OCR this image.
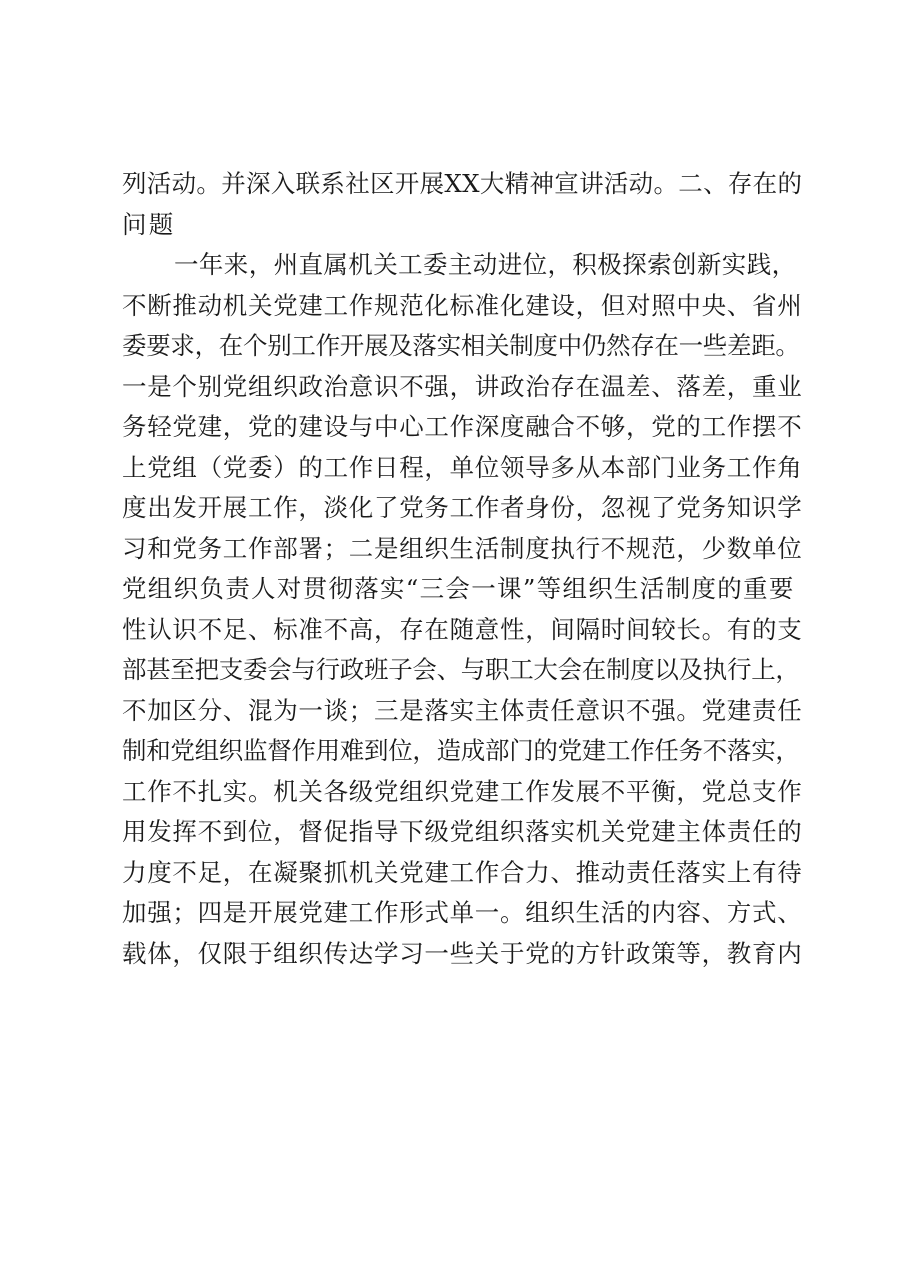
列活动。并深入联系社区开展XX大精神宣讲活动。二、存在的
问题
一年来，州直属机关工委主动进位，积极探索创新实践，
不断推动机关党建工作规范化标准化建设，但对照中央、省州
委要求，在个别工作开展及落实相关制度中仍然存在一些差距。
一是个别党组织政治意识不强，讲政治存在温差、落差，重业
务轻党建，党的建设与中心工作深度融合不够，党的工作摆不
上党组（党委）的工作日程，单位领导多从本部门业务工作角
度出发开展工作，淡化了党务工作者身份，忽视了党务知识学
习和党务工作部署；二是组织生活制度执行不规范，少数单位
党组织负责人对贯彻落实“三会一课”等组织生活制度的重要
性认识不足、标准不高，存在随意性，间隔时间较长。有的支
部甚至把支委会与行政班子会、与职工大会在制度以及执行上，
不加区分、混为一谈；三是落实主体责任意识不强。党建责任
制和党组织监督作用难到位，造成部门的党建工作任务不落实，
工作不扎实。机关各级党组织党建工作发展不平衡，党总支作
用发挥不到位，督促指导下级党组织落实机关党建主体责任的
力度不足，在凝聚抓机关党建工作合力、推动责任落实上有待
加强；四是开展党建工作形式单一。组织生活的内容、方式、
载体，仅限于组织传达学习一些关于党的方针政策等，教育内
